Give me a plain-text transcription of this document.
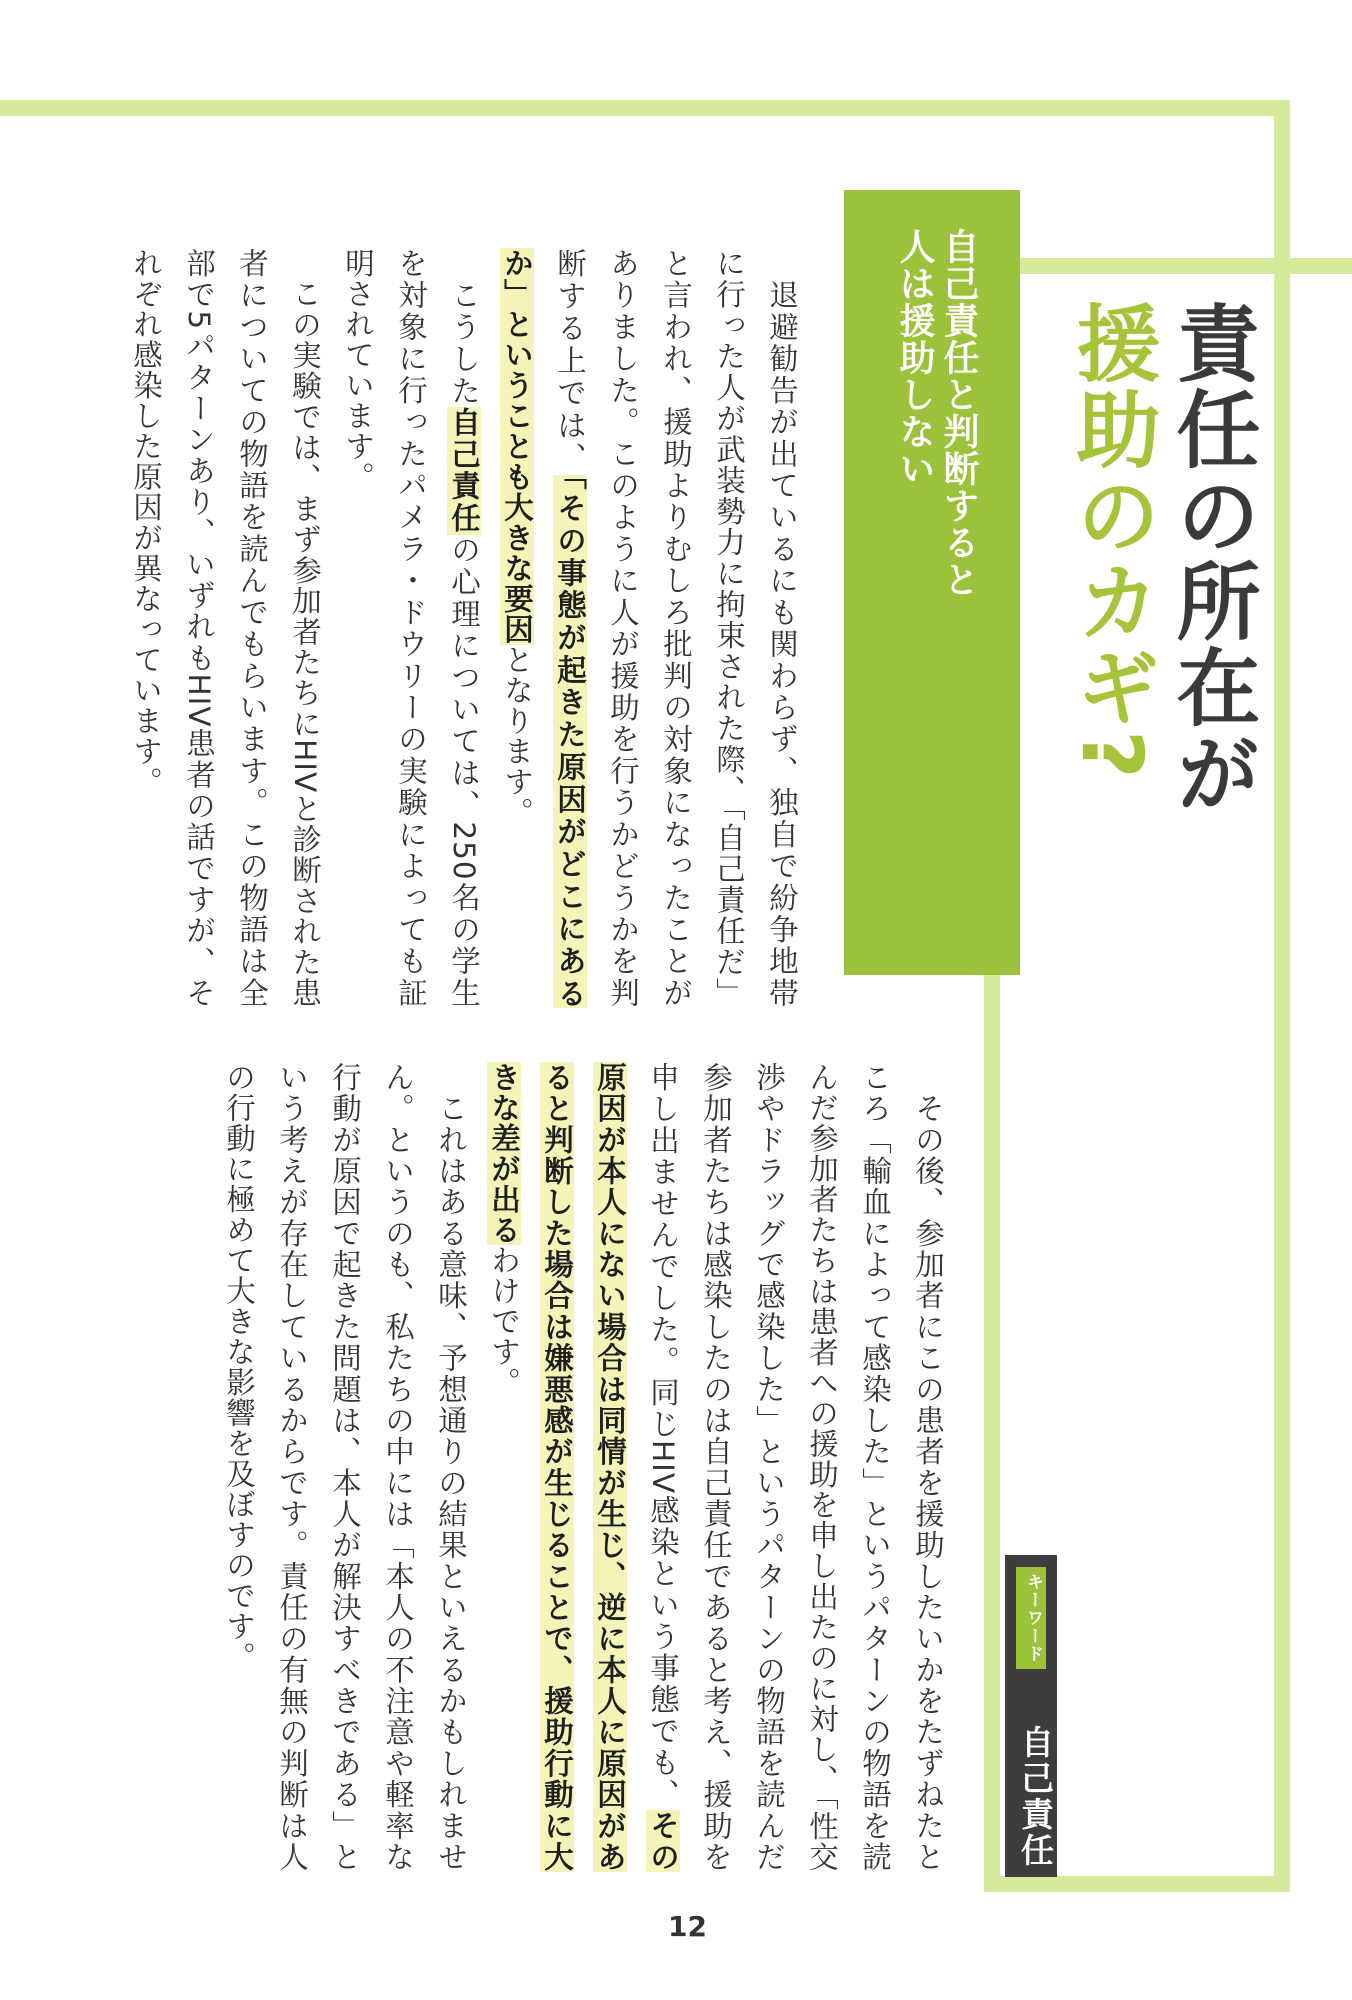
責任の所在が
援助のカギ?
自己責任と判断すると
人は援助しない

　退避勧告が出ているにも関わらず、独自で紛争地帯に行った人が武装勢力に拘束された際、「自己責任だ」と言われ、援助よりむしろ批判の対象になったことがありました。このように人が援助を行うかどうかを判断する上では、「その事態が起きた原因がどこにあるか」ということも大きな要因となります。

　こうした自己責任の心理については、250名の学生を対象に行ったパメラ・ドウリーの実験によっても証明されています。

　この実験では、まず参加者たちにHIVと診断された患者についての物語を読んでもらいます。この物語は全部で5パターンあり、いずれもHIV患者の話ですが、それぞれ感染した原因が異なっています。

　その後、参加者にこの患者を援助したいかをたずねたところ「輸血によって感染した」というパターンの物語を読んだ参加者たちは患者への援助を申し出たのに対し、「性交渉やドラッグで感染した」というパターンの物語を読んだ参加者たちは感染したのは自己責任であると考え、援助を申し出ませんでした。同じHIV感染という事態でも、その原因が本人にない場合は同情が生じ、逆に本人に原因があると判断した場合は嫌悪感が生じることで、援助行動に大きな差が出るわけです。

　これはある意味、予想通りの結果といえるかもしれません。というのも、私たちの中には「本人の不注意や軽率な行動が原因で起きた問題は、本人が解決すべきである」という考えが存在しているからです。責任の有無の判断は人の行動に極めて大きな影響を及ぼすのです。	キーワード
自己責任
12
